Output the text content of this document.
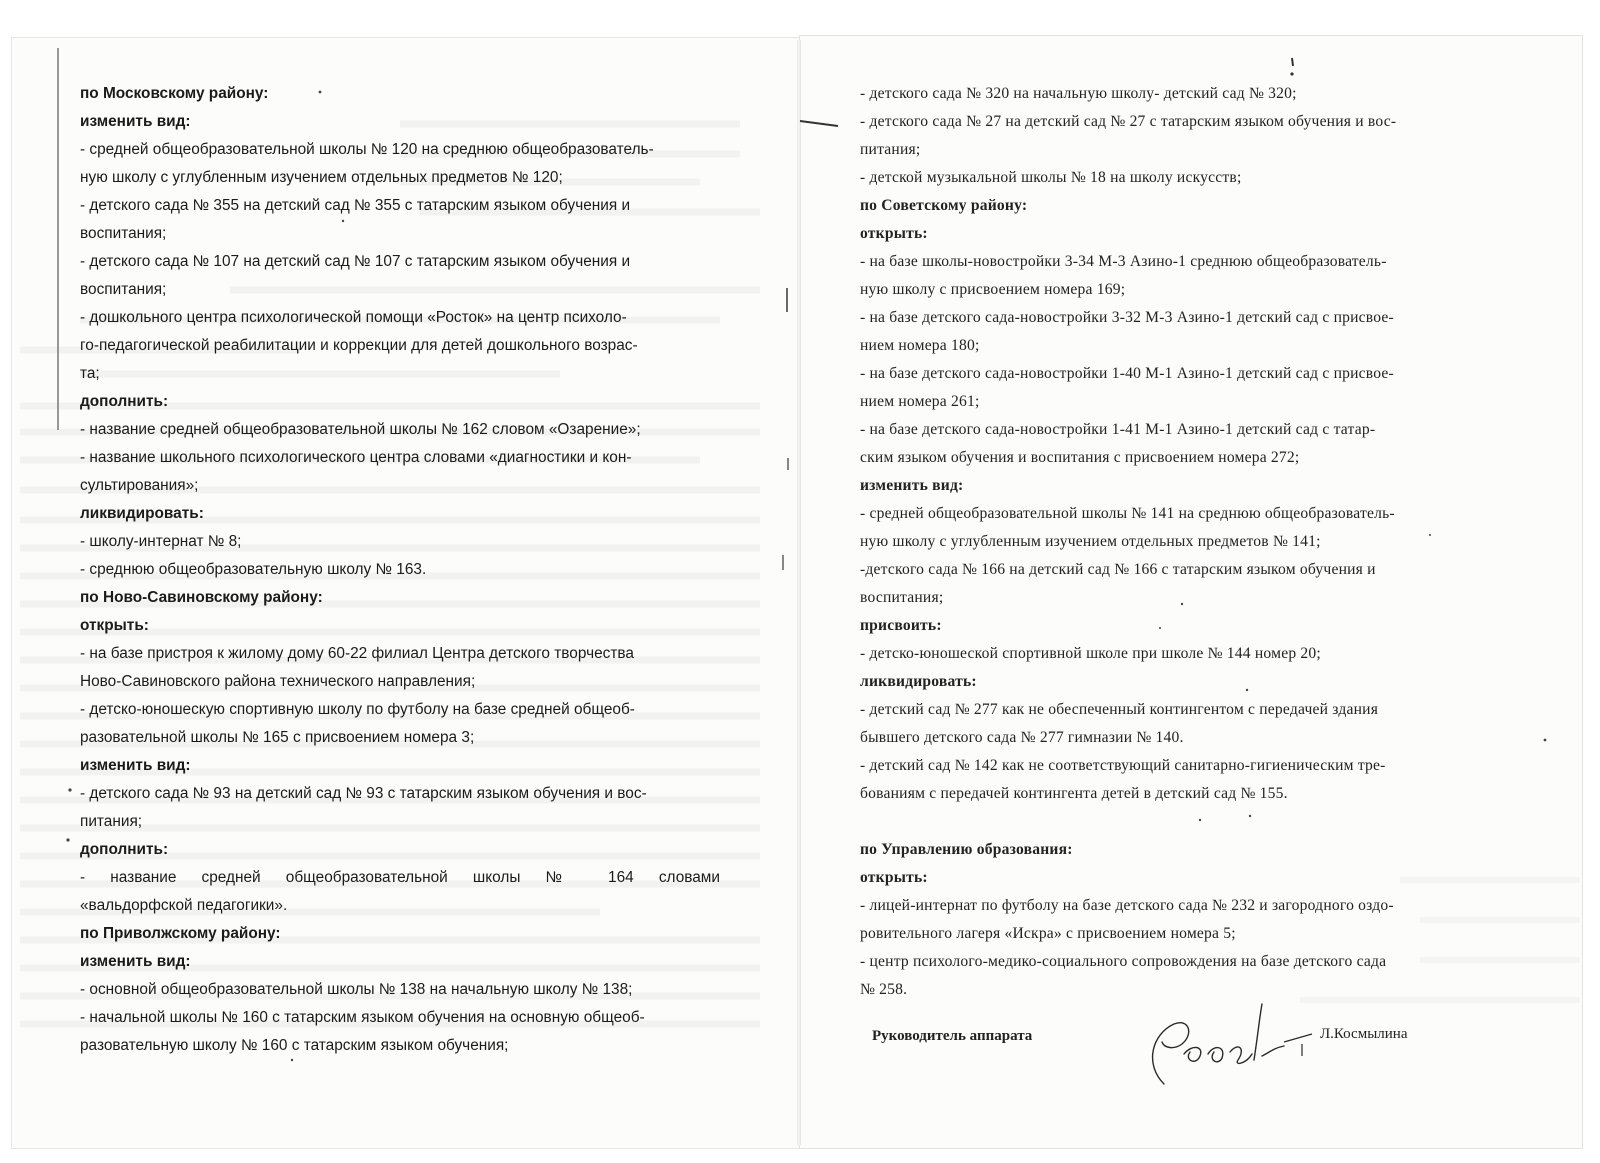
по Московскому району:

изменить вид:

- средней общеобразовательной школы № 120 на среднюю общеобразователь-

ную школу с углубленным изучением отдельных предметов № 120;

- детского сада № 355 на детский сад № 355 с татарским языком обучения и

воспитания;

- детского сада № 107 на детский сад № 107 с татарским языком обучения и

воспитания;

- дошкольного центра психологической помощи «Росток» на центр психоло-

го-педагогической реабилитации и коррекции для детей дошкольного возрас-

та;

дополнить:

- название средней общеобразовательной школы № 162 словом «Озарение»;

- название школьного психологического центра словами «диагностики и кон-

сультирования»;

ликвидировать:

- школу-интернат № 8;

- среднюю общеобразовательную школу № 163.

по Ново-Савиновскому району:

открыть:

- на базе пристроя к жилому дому 60-22 филиал Центра детского творчества

Ново-Савиновского района технического направления;

- детско-юношескую спортивную школу по футболу на базе средней общеоб-

разовательной школы № 165 с присвоением номера 3;

изменить вид:

- детского сада № 93 на детский сад № 93 с татарским языком обучения и вос-

питания;

дополнить:

- название средней общеобразовательной школы № 164 словами

«вальдорфской педагогики».

по Приволжскому району:

изменить вид:

- основной общеобразовательной школы № 138 на начальную школу № 138;

- начальной школы № 160 с татарским языком обучения на основную общеоб-

разовательную школу № 160 с татарским языком обучения;

- детского сада № 320 на начальную школу- детский сад № 320;

- детского сада № 27 на детский сад № 27 с татарским языком обучения и вос-

питания;

- детской музыкальной школы № 18 на школу искусств;

по Советскому району:

открыть:

- на базе школы-новостройки 3-34 М-3 Азино-1 среднюю общеобразователь-

ную школу с присвоением номера 169;

- на базе детского сада-новостройки 3-32 М-3 Азино-1 детский сад с присвое-

нием номера 180;

- на базе детского сада-новостройки 1-40 М-1 Азино-1 детский сад с присвое-

нием номера 261;

- на базе детского сада-новостройки 1-41 М-1 Азино-1 детский сад с татар-

ским языком обучения и воспитания с присвоением номера 272;

изменить вид:

- средней общеобразовательной школы № 141 на среднюю общеобразователь-

ную школу с углубленным изучением отдельных предметов № 141;

-детского сада № 166 на детский сад № 166 с татарским языком обучения и

воспитания;

присвоить:

- детско-юношеской спортивной школе при школе № 144 номер 20;

ликвидировать:

- детский сад № 277 как не обеспеченный контингентом с передачей здания

бывшего детского сада № 277 гимназии № 140.

- детский сад № 142 как не соответствующий санитарно-гигиеническим тре-

бованиям с передачей контингента детей в детский сад № 155.

по Управлению образования:

открыть:

- лицей-интернат по футболу на базе детского сада № 232 и загородного оздо-

ровительного лагеря «Искра» с присвоением номера 5;

- центр психолого-медико-социального сопровождения на базе детского сада

№ 258.

Руководитель аппарата	Л.Космылина
